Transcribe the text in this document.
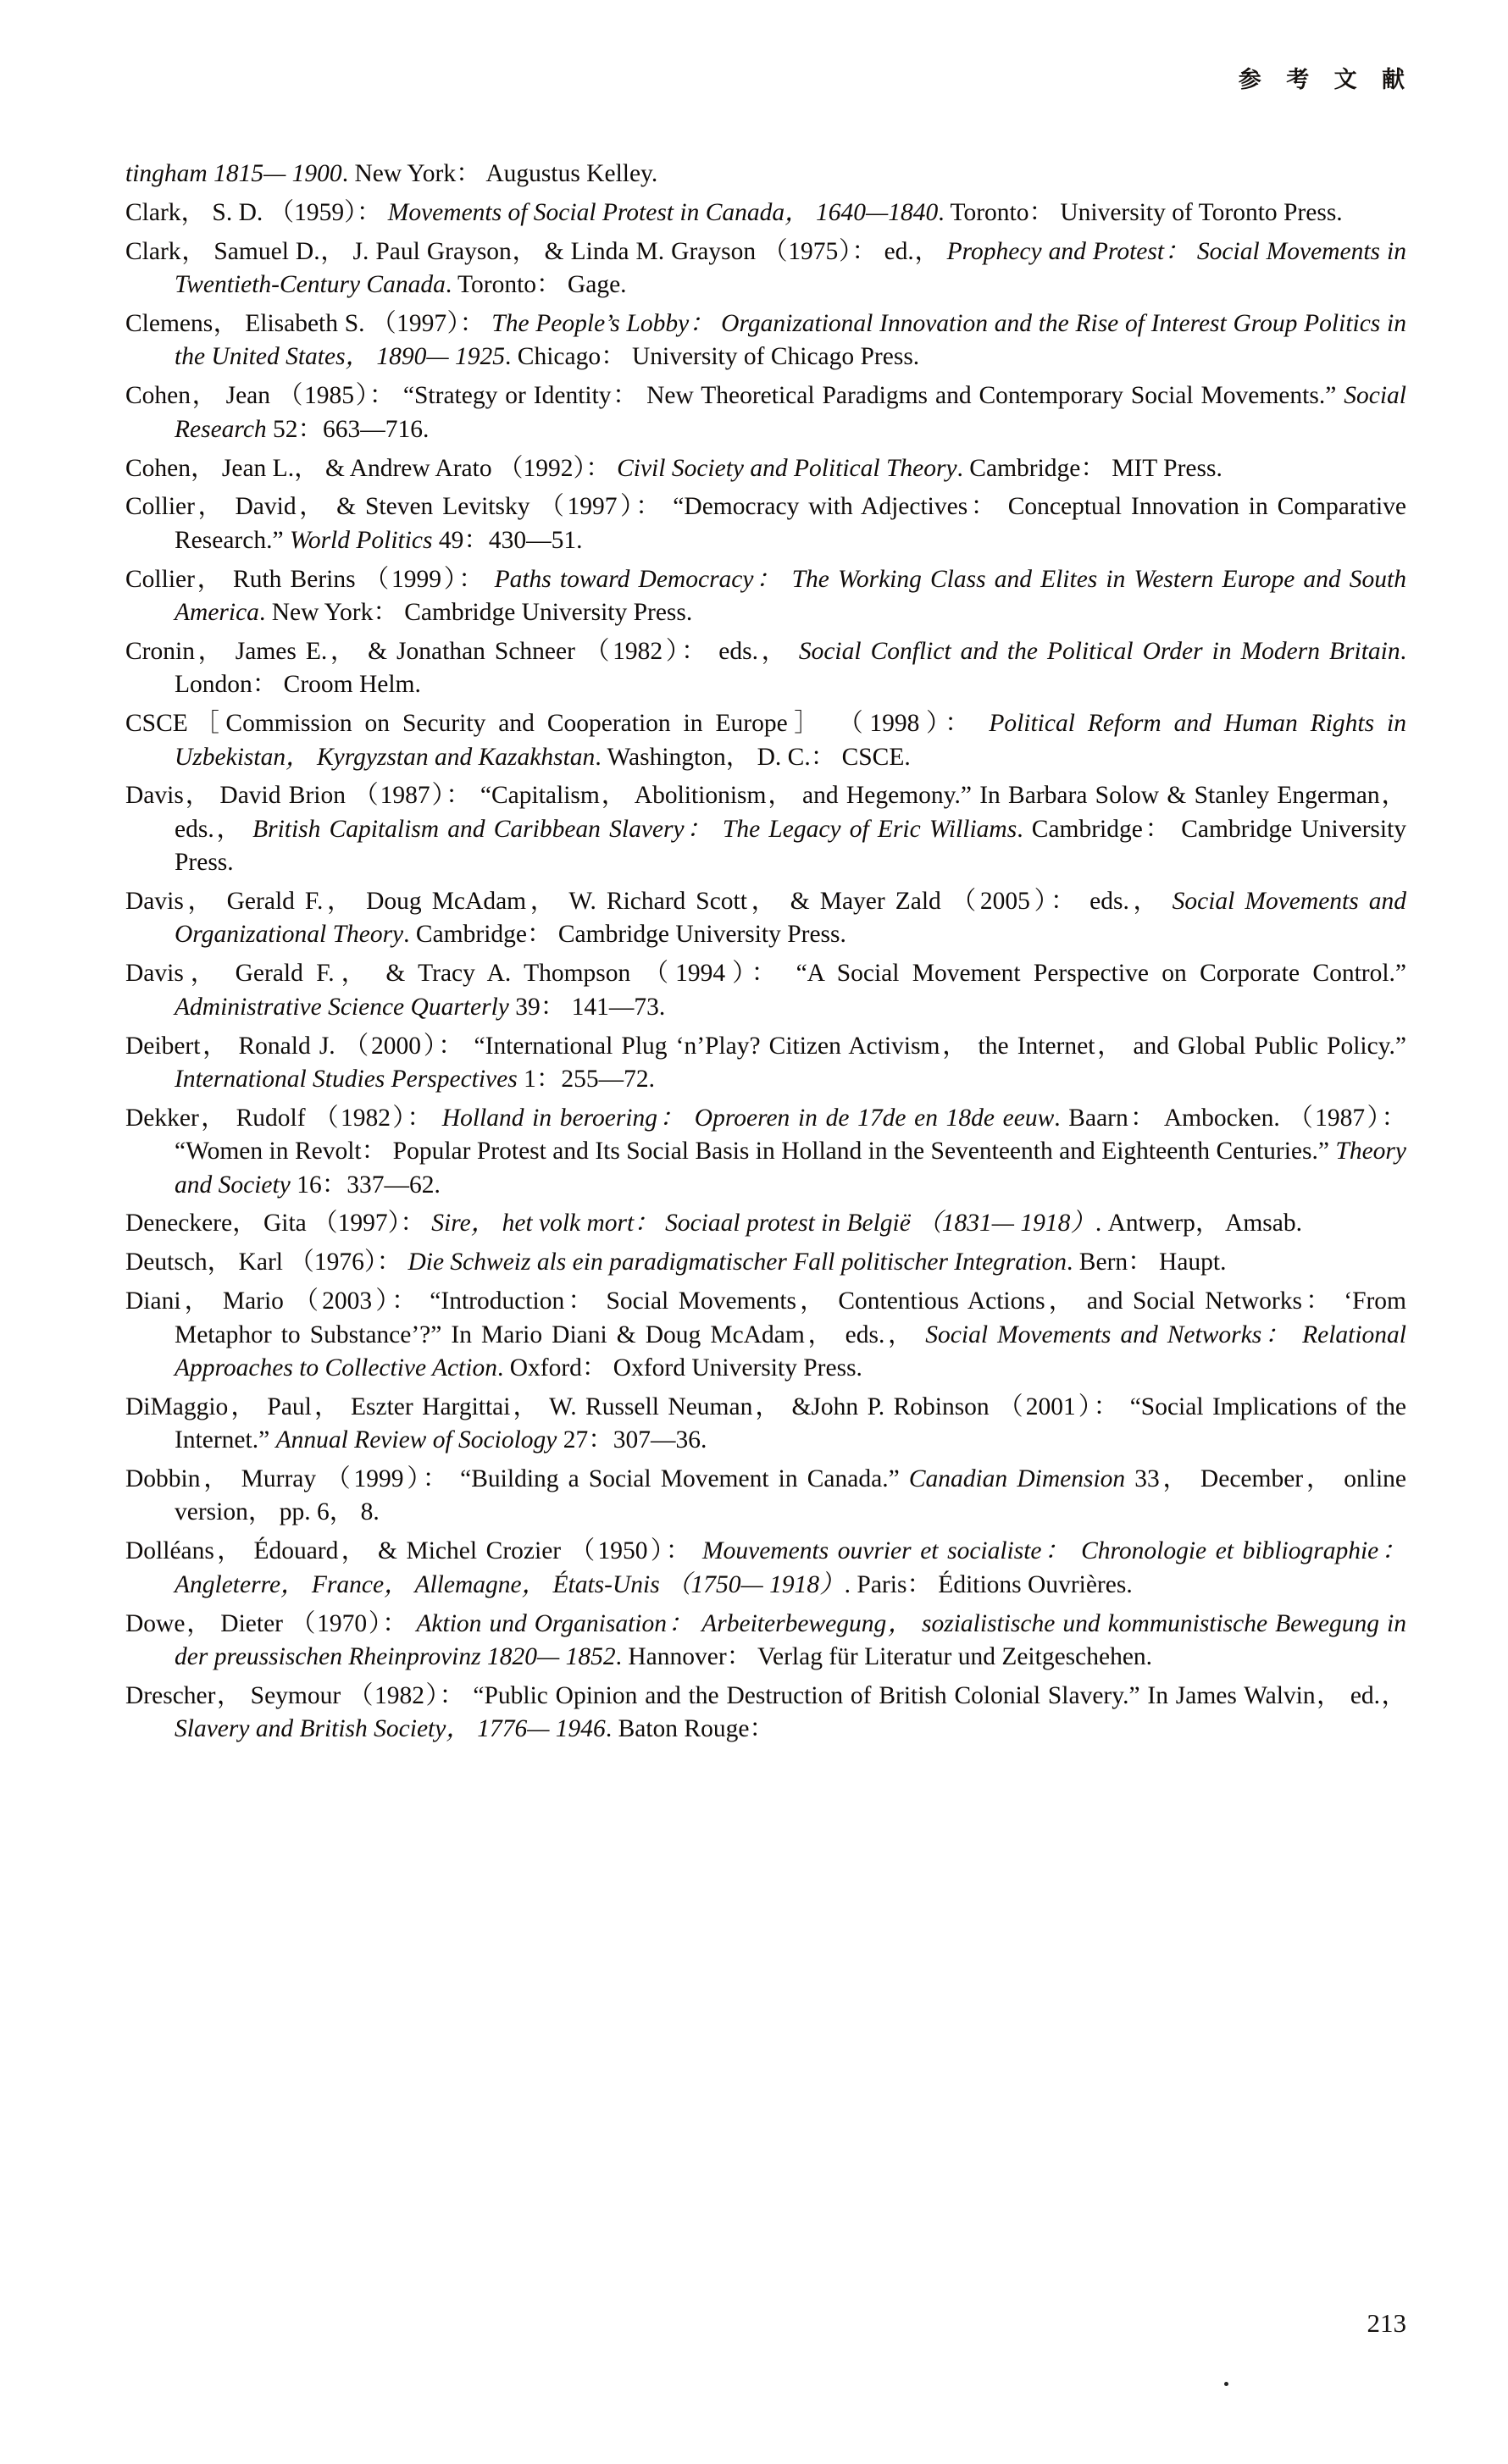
参 考 文 献

tingham 1815— 1900. New York： Augustus Kelley.

Clark， S. D. （1959）： Movements of Social Protest in Canada， 1640—1840. Toronto： University of Toronto Press.

Clark， Samuel D.， J. Paul Grayson， & Linda M. Grayson （1975）： ed.， Prophecy and Protest： Social Movements in Twentieth-Century Canada. Toronto： Gage.

Clemens， Elisabeth S. （1997）： The People’s Lobby： Organizational Innovation and the Rise of Interest Group Politics in the United States， 1890— 1925. Chicago： University of Chicago Press.

Cohen， Jean （1985）： “Strategy or Identity： New Theoretical Paradigms and Contemporary Social Movements.” Social Research 52：663—716.

Cohen， Jean L.， & Andrew Arato （1992）： Civil Society and Political Theory. Cambridge： MIT Press.

Collier， David， & Steven Levitsky （1997）： “Democracy with Adjectives： Conceptual Innovation in Comparative Research.” World Politics 49：430—51.

Collier， Ruth Berins （1999）： Paths toward Democracy： The Working Class and Elites in Western Europe and South America. New York： Cambridge University Press.

Cronin， James E.， & Jonathan Schneer （1982）： eds.， Social Conflict and the Political Order in Modern Britain. London： Croom Helm.

CSCE［Commission on Security and Cooperation in Europe］ （1998）： Political Reform and Human Rights in Uzbekistan， Kyrgyzstan and Kazakhstan. Washington， D. C.： CSCE.

Davis， David Brion （1987）： “Capitalism， Abolitionism， and Hegemony.” In Barbara Solow & Stanley Engerman， eds.， British Capitalism and Caribbean Slavery： The Legacy of Eric Williams. Cambridge： Cambridge University Press.

Davis， Gerald F.， Doug McAdam， W. Richard Scott， & Mayer Zald （2005）： eds.， Social Movements and Organizational Theory. Cambridge： Cambridge University Press.

Davis， Gerald F.， & Tracy A. Thompson （1994）： “A Social Movement Perspective on Corporate Control.” Administrative Science Quarterly 39： 141—73.

Deibert， Ronald J. （2000）： “International Plug ‘n’Play? Citizen Activism， the Internet， and Global Public Policy.” International Studies Perspectives 1：255—72.

Dekker， Rudolf （1982）： Holland in beroering： Oproeren in de 17de en 18de eeuw. Baarn： Ambocken. （1987）： “Women in Revolt： Popular Protest and Its Social Basis in Holland in the Seventeenth and Eighteenth Centuries.” Theory and Society 16：337—62.

Deneckere， Gita （1997）： Sire， het volk mort： Sociaal protest in België （1831— 1918）. Antwerp， Amsab.

Deutsch， Karl （1976）： Die Schweiz als ein paradigmatischer Fall politischer Integration. Bern： Haupt.

Diani， Mario （2003）： “Introduction： Social Movements， Contentious Actions， and Social Networks： ‘From Metaphor to Substance’?” In Mario Diani & Doug McAdam， eds.， Social Movements and Networks： Relational Approaches to Collective Action. Oxford： Oxford University Press.

DiMaggio， Paul， Eszter Hargittai， W. Russell Neuman， &John P. Robinson （2001）： “Social Implications of the Internet.” Annual Review of Sociology 27：307—36.

Dobbin， Murray （1999）： “Building a Social Movement in Canada.” Canadian Dimension 33， December， online version， pp. 6， 8.

Dolléans， Édouard， & Michel Crozier （1950）： Mouvements ouvrier et socialiste： Chronologie et bibliographie： Angleterre， France， Allemagne， États-Unis （1750— 1918）. Paris： Éditions Ouvrières.

Dowe， Dieter （1970）： Aktion und Organisation： Arbeiterbewegung， sozialistische und kommunistische Bewegung in der preussischen Rheinprovinz 1820— 1852. Hannover： Verlag für Literatur und Zeitgeschehen.

Drescher， Seymour （1982）： “Public Opinion and the Destruction of British Colonial Slavery.” In James Walvin， ed.， Slavery and British Society， 1776— 1946. Baton Rouge：

213
